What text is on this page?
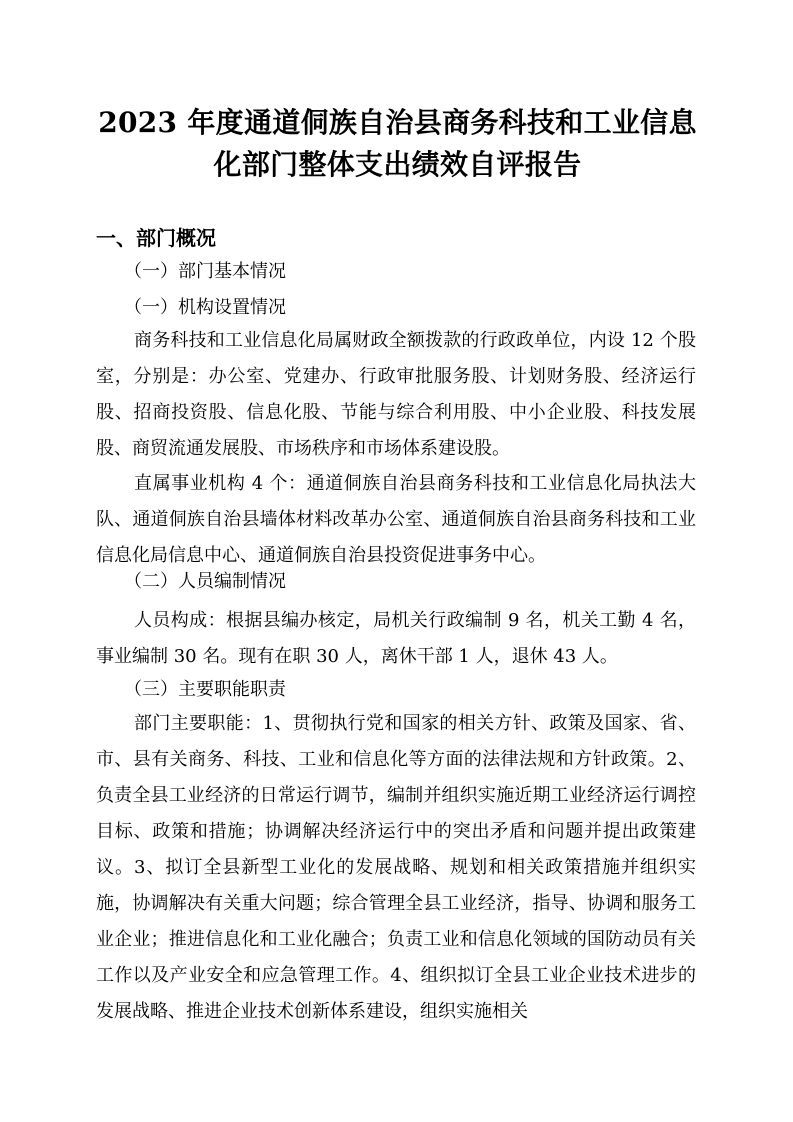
2023 年度通道侗族自治县商务科技和工业信息
化部门整体支出绩效自评报告
一、部门概况
（一）部门基本情况
（一）机构设置情况

商务科技和工业信息化局属财政全额拨款的行政政单位，内设 12 个股室，分别是：办公室、党建办、行政审批服务股、计划财务股、经济运行股、招商投资股、信息化股、节能与综合利用股、中小企业股、科技发展股、商贸流通发展股、市场秩序和市场体系建设股。

直属事业机构 4 个：通道侗族自治县商务科技和工业信息化局执法大队、通道侗族自治县墙体材料改革办公室、通道侗族自治县商务科技和工业信息化局信息中心、通道侗族自治县投资促进事务中心。

（二）人员编制情况

人员构成：根据县编办核定，局机关行政编制 9 名，机关工勤 4 名，事业编制 30 名。现有在职 30 人，离休干部 1 人，退休 43 人。

（三）主要职能职责

部门主要职能：1、贯彻执行党和国家的相关方针、政策及国家、省、市、县有关商务、科技、工业和信息化等方面的法律法规和方针政策。2、负责全县工业经济的日常运行调节，编制并组织实施近期工业经济运行调控目标、政策和措施；协调解决经济运行中的突出矛盾和问题并提出政策建议。3、拟订全县新型工业化的发展战略、规划和相关政策措施并组织实施，协调解决有关重大问题；综合管理全县工业经济，指导、协调和服务工业企业；推进信息化和工业化融合；负责工业和信息化领域的国防动员有关工作以及产业安全和应急管理工作。4、组织拟订全县工业企业技术进步的发展战略、推进企业技术创新体系建设，组织实施相关
